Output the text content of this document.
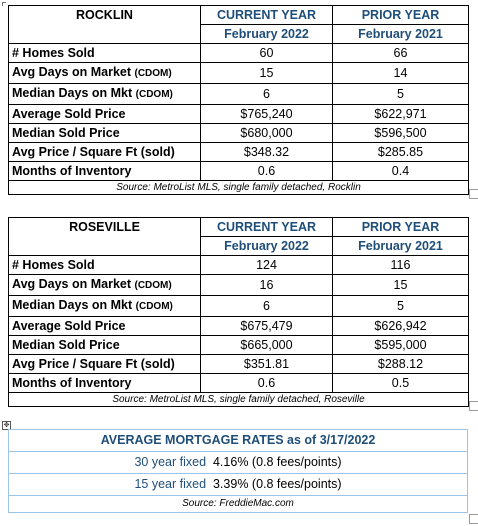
ROCKLIN	CURRENT YEAR	PRIOR YEAR
	February 2022	February 2021
# Homes Sold	60	66
Avg Days on Market (CDOM)	15	14
Median Days on Mkt (CDOM)	6	5
Average Sold Price	$765,240	$622,971
Median Sold Price	$680,000	$596,500
Avg Price / Square Ft (sold)	$348.32	$285.85
Months of Inventory	0.6	0.4
Source: MetroList MLS, single family detached, Rocklin		
ROSEVILLE	CURRENT YEAR	PRIOR YEAR
	February 2022	February 2021
# Homes Sold	124	116
Avg Days on Market (CDOM)	16	15
Median Days on Mkt (CDOM)	6	5
Average Sold Price	$675,479	$626,942
Median Sold Price	$665,000	$595,000
Avg Price / Square Ft (sold)	$351.81	$288.12
Months of Inventory	0.6	0.5
Source: MetroList MLS, single family detached, Roseville		
✥
AVERAGE MORTGAGE RATES as of 3/17/2022
30 year fixed 4.16% (0.8 fees/points)
15 year fixed 3.39% (0.8 fees/points)
Source: FreddieMac.com
